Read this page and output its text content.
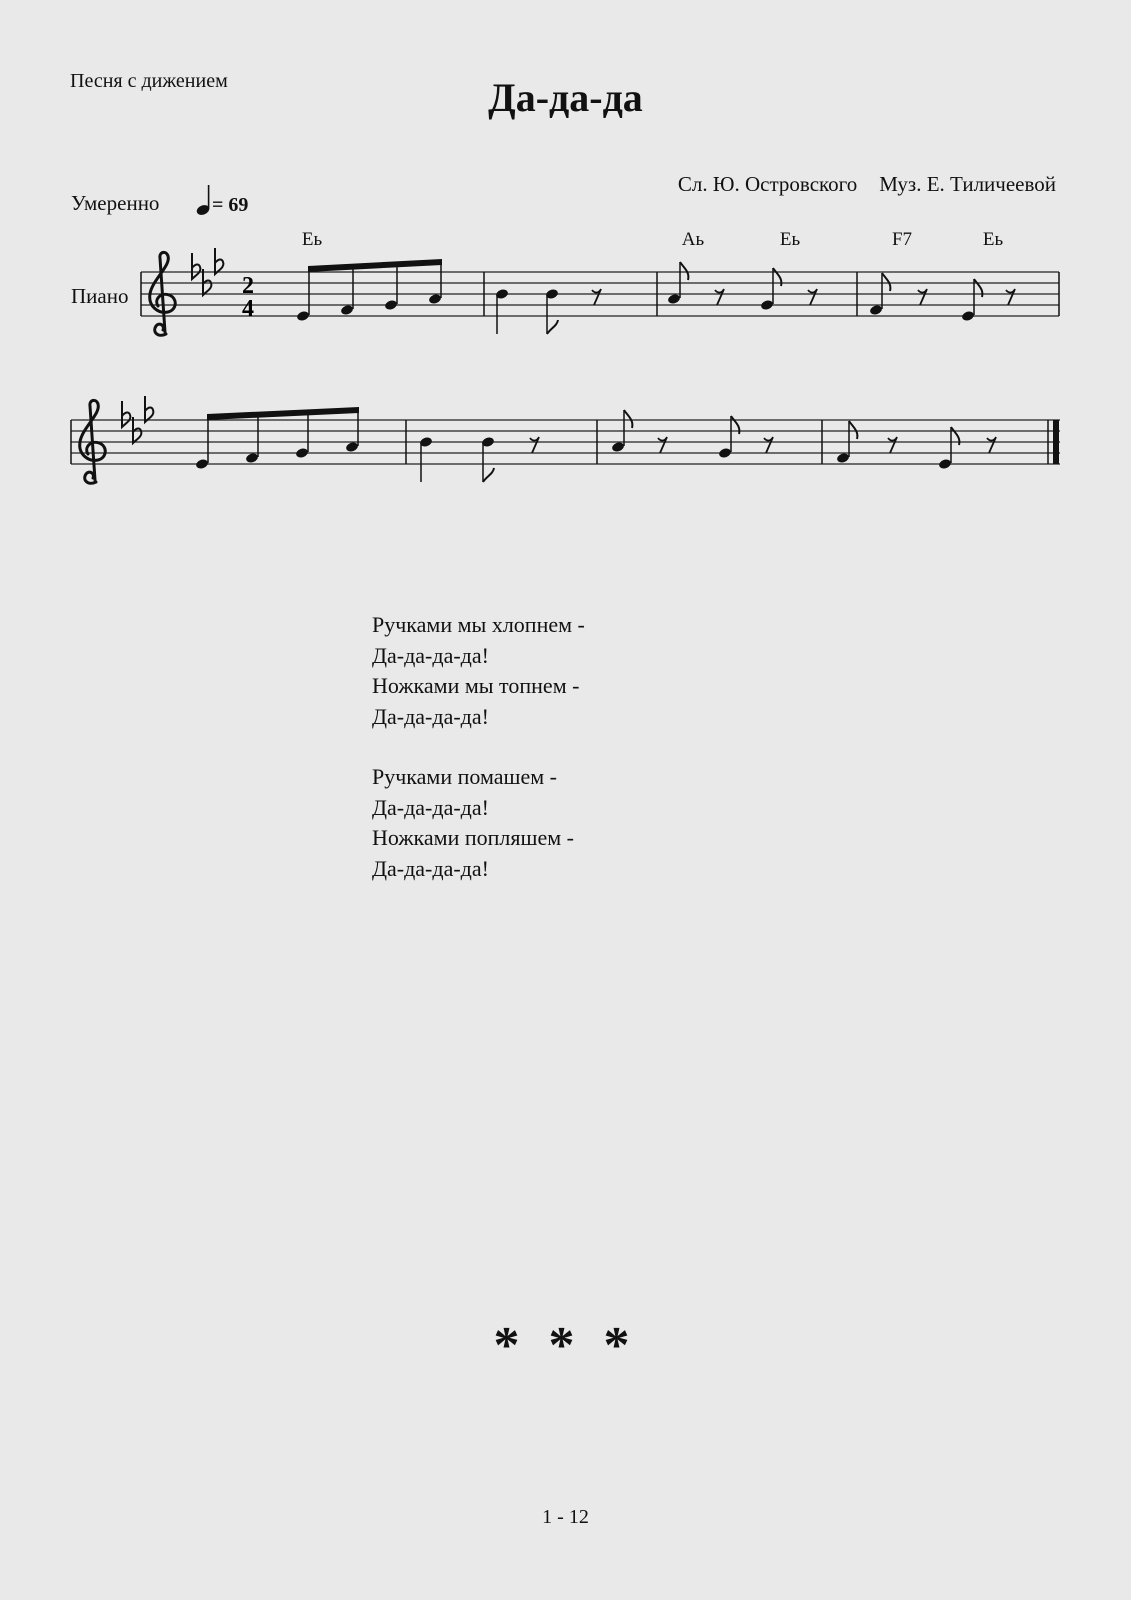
Песня с дижением	Да-да-да
Сл. Ю. Островского Муз. Е. Тиличеевой
Умеренно	= 69
Eь	Aь	Eь	F7	Eь
Пиано	2
4
Ручками мы хлопнем -
Да-да-да-да!
Ножками мы топнем -
Да-да-да-да!
Ручками помашем -
Да-да-да-да!
Ножками попляшем -
Да-да-да-да!
* * *
1 - 12
